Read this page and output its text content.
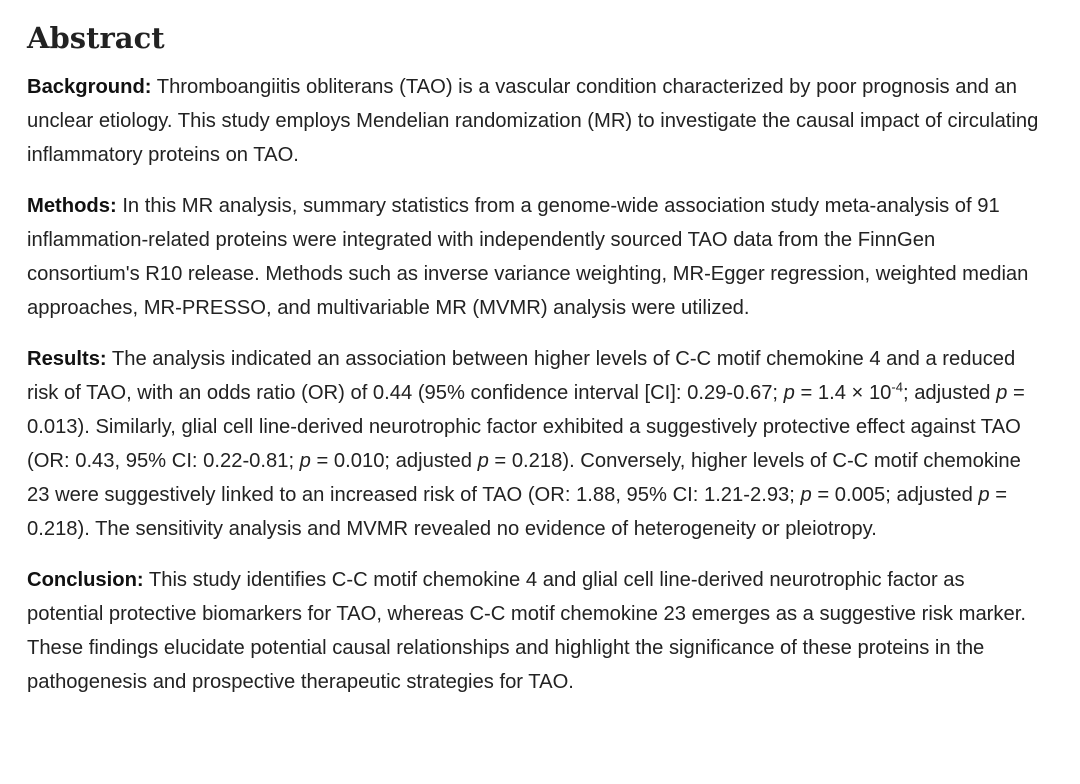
Abstract

Background: Thromboangiitis obliterans (TAO) is a vascular condition characterized by poor prognosis and an unclear etiology. This study employs Mendelian randomization (MR) to investigate the causal impact of circulating inflammatory proteins on TAO.

Methods: In this MR analysis, summary statistics from a genome-wide association study meta-analysis of 91 inflammation-related proteins were integrated with independently sourced TAO data from the FinnGen consortium's R10 release. Methods such as inverse variance weighting, MR-Egger regression, weighted median approaches, MR-PRESSO, and multivariable MR (MVMR) analysis were utilized.

Results: The analysis indicated an association between higher levels of C-C motif chemokine 4 and a reduced risk of TAO, with an odds ratio (OR) of 0.44 (95% confidence interval [CI]: 0.29-0.67; $p = 1.4 \times 10^{-4}$; adjusted p = 0.013). Similarly, glial cell line-derived neurotrophic factor exhibited a suggestively protective effect against TAO (OR: 0.43, 95% CI: 0.22-0.81; p = 0.010; adjusted p = 0.218). Conversely, higher levels of C-C motif chemokine 23 were suggestively linked to an increased risk of TAO (OR: 1.88, 95% CI: 1.21-2.93; p = 0.005; adjusted p = 0.218). The sensitivity analysis and MVMR revealed no evidence of heterogeneity or pleiotropy.

Conclusion: This study identifies C-C motif chemokine 4 and glial cell line-derived neurotrophic factor as potential protective biomarkers for TAO, whereas C-C motif chemokine 23 emerges as a suggestive risk marker. These findings elucidate potential causal relationships and highlight the significance of these proteins in the pathogenesis and prospective therapeutic strategies for TAO.
